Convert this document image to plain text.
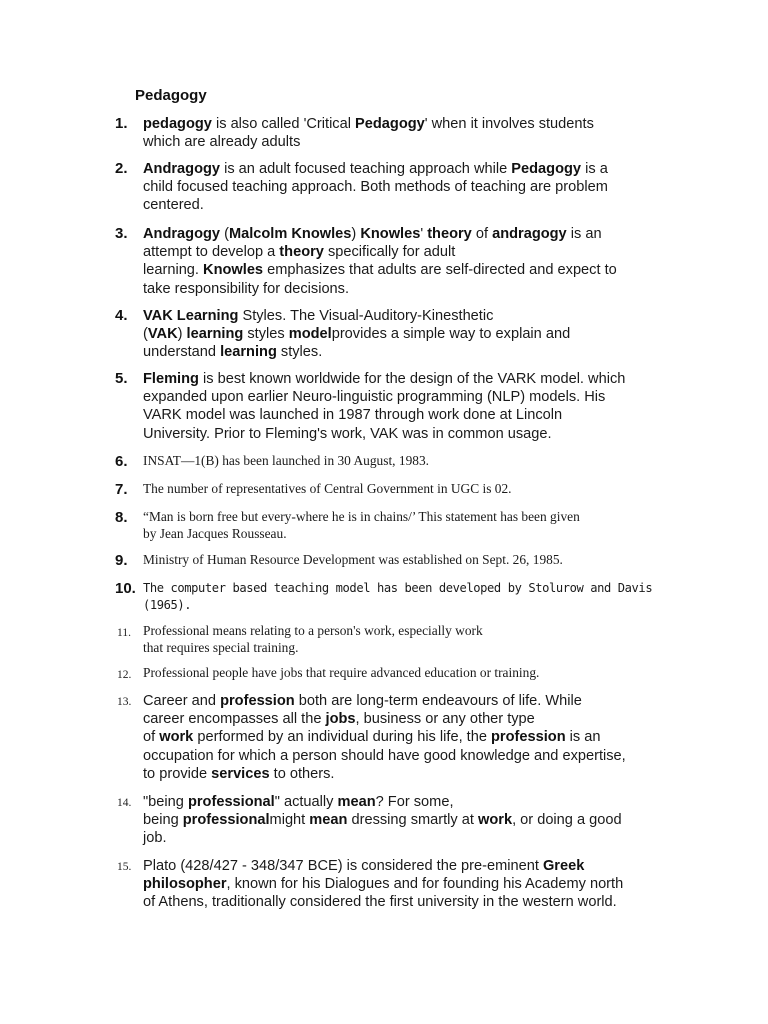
Pedagogy
1.	pedagogy is also called 'Critical Pedagogy' when it involves students
which are already adults
2.	Andragogy is an adult focused teaching approach while Pedagogy is a
child focused teaching approach. Both methods of teaching are problem
centered.
3.	Andragogy (Malcolm Knowles) Knowles' theory of andragogy is an
attempt to develop a theory specifically for adult
learning. Knowles emphasizes that adults are self-directed and expect to
take responsibility for decisions.
4.	VAK Learning Styles. The Visual-Auditory-Kinesthetic
(VAK) learning styles modelprovides a simple way to explain and
understand learning styles.
5.	Fleming is best known worldwide for the design of the VARK model. which
expanded upon earlier Neuro-linguistic programming (NLP) models. His
VARK model was launched in 1987 through work done at Lincoln
University. Prior to Fleming's work, VAK was in common usage.
6.	INSAT—1(B) has been launched in 30 August, 1983.
7.	The number of representatives of Central Government in UGC is 02.
8.	“Man is born free but every-where he is in chains/’ This statement has been given
by Jean Jacques Rousseau.
9.	Ministry of Human Resource Development was established on Sept. 26, 1985.
10. The computer based teaching model has been developed by Stolurow and Davis
(1965).
11. Professional means relating to a person's work, especially work
that requires special training.
12. Professional people have jobs that require advanced education or training.
13. Career and profession both are long-term endeavours of life. While
career encompasses all the jobs, business or any other type
of work performed by an individual during his life, the profession is an
occupation for which a person should have good knowledge and expertise,
to provide services to others.
14. "being professional" actually mean? For some,
being professionalmight mean dressing smartly at work, or doing a good
job.
15. Plato (428/427 - 348/347 BCE) is considered the pre-eminent Greek
philosopher, known for his Dialogues and for founding his Academy north
of Athens, traditionally considered the first university in the western world.
